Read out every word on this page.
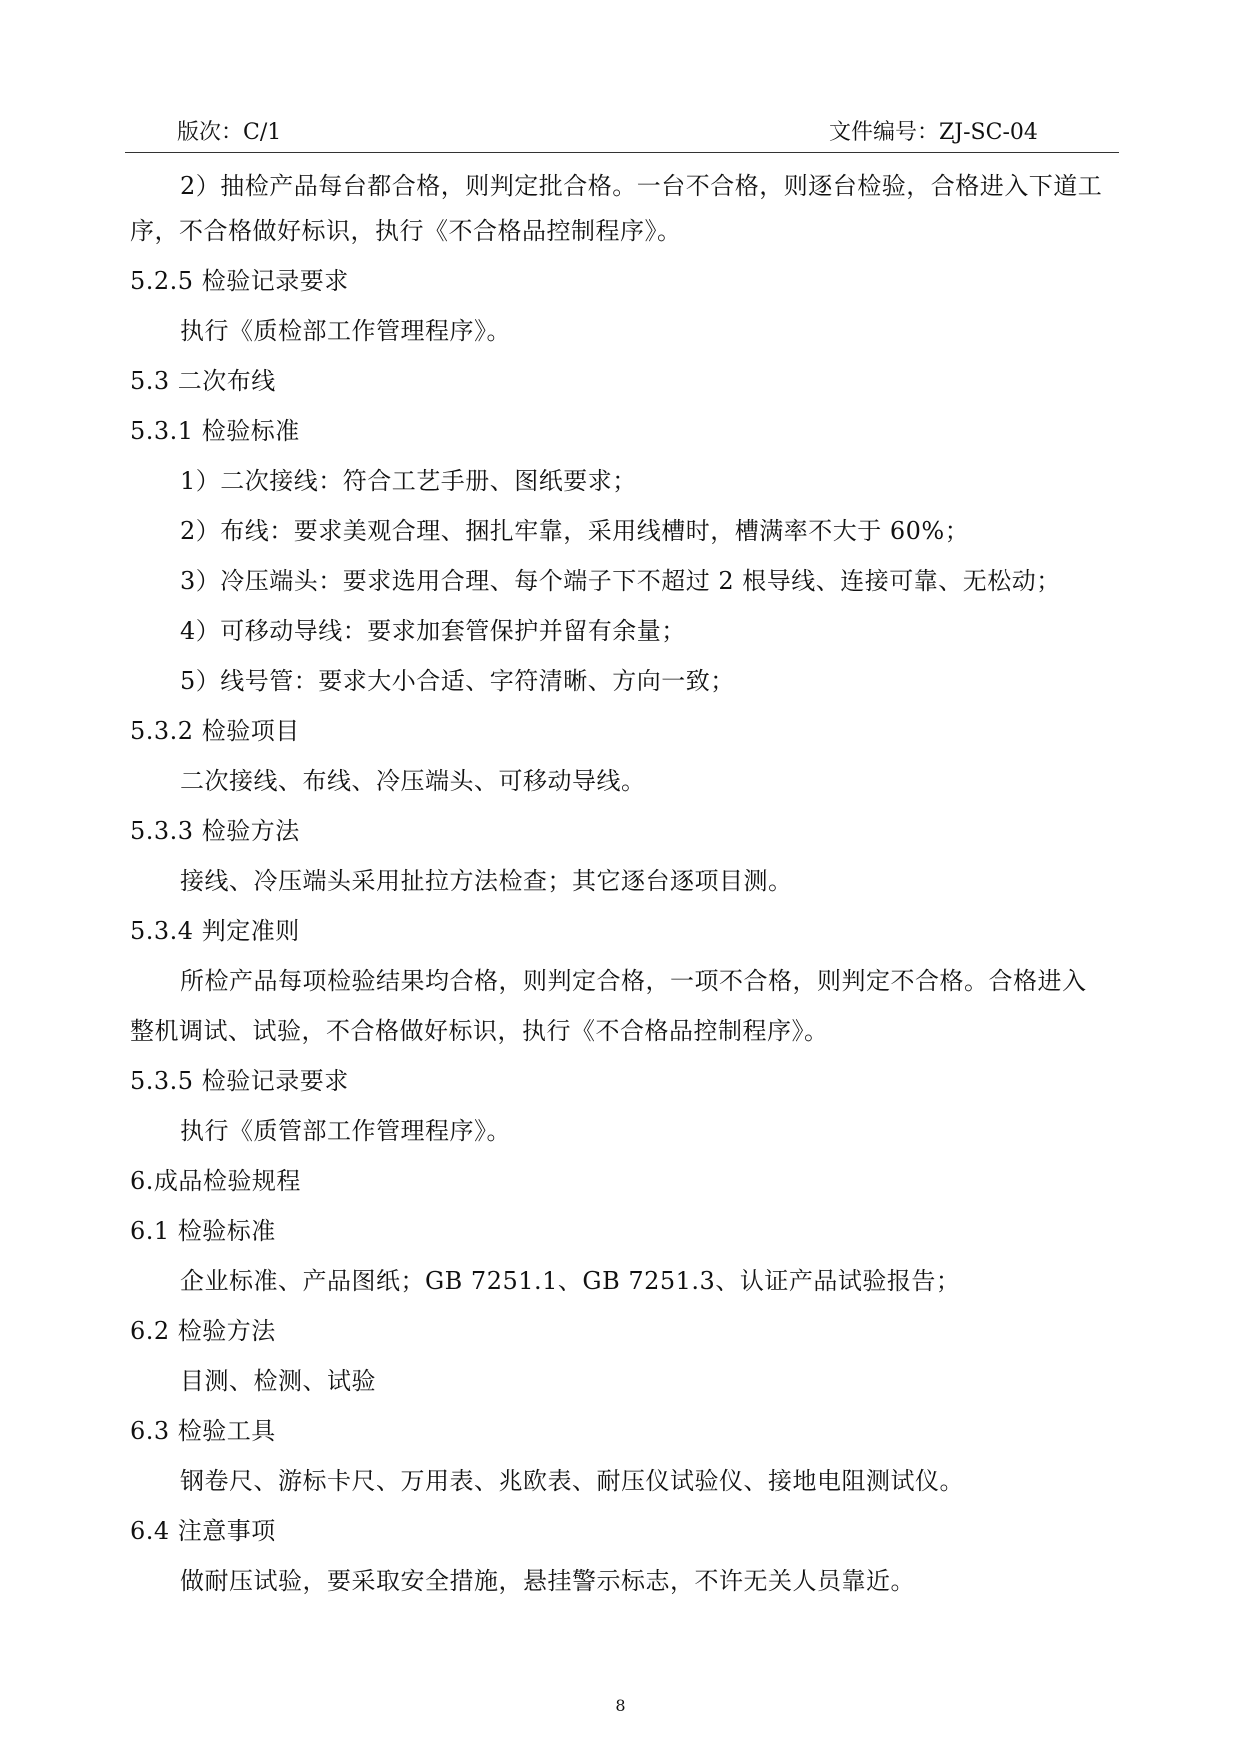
版次：C/1	文件编号：ZJ-SC-04
2）抽检产品每台都合格，则判定批合格。一台不合格，则逐台检验，合格进入下道工
序，不合格做好标识，执行《不合格品控制程序》。
5.2.5 检验记录要求
执行《质检部工作管理程序》。
5.3 二次布线
5.3.1 检验标准
1）二次接线：符合工艺手册、图纸要求；
2）布线：要求美观合理、捆扎牢靠，采用线槽时，槽满率不大于 60%；
3）冷压端头：要求选用合理、每个端子下不超过 2 根导线、连接可靠、无松动；
4）可移动导线：要求加套管保护并留有余量；
5）线号管：要求大小合适、字符清晰、方向一致；
5.3.2 检验项目
二次接线、布线、冷压端头、可移动导线。
5.3.3 检验方法
接线、冷压端头采用扯拉方法检查；其它逐台逐项目测。
5.3.4 判定准则
所检产品每项检验结果均合格，则判定合格，一项不合格，则判定不合格。合格进入
整机调试、试验，不合格做好标识，执行《不合格品控制程序》。
5.3.5 检验记录要求
执行《质管部工作管理程序》。
6.成品检验规程
6.1 检验标准
企业标准、产品图纸；GB 7251.1、GB 7251.3、认证产品试验报告；
6.2 检验方法
目测、检测、试验
6.3 检验工具
钢卷尺、游标卡尺、万用表、兆欧表、耐压仪试验仪、接地电阻测试仪。
6.4 注意事项
做耐压试验，要采取安全措施，悬挂警示标志，不许无关人员靠近。
8
